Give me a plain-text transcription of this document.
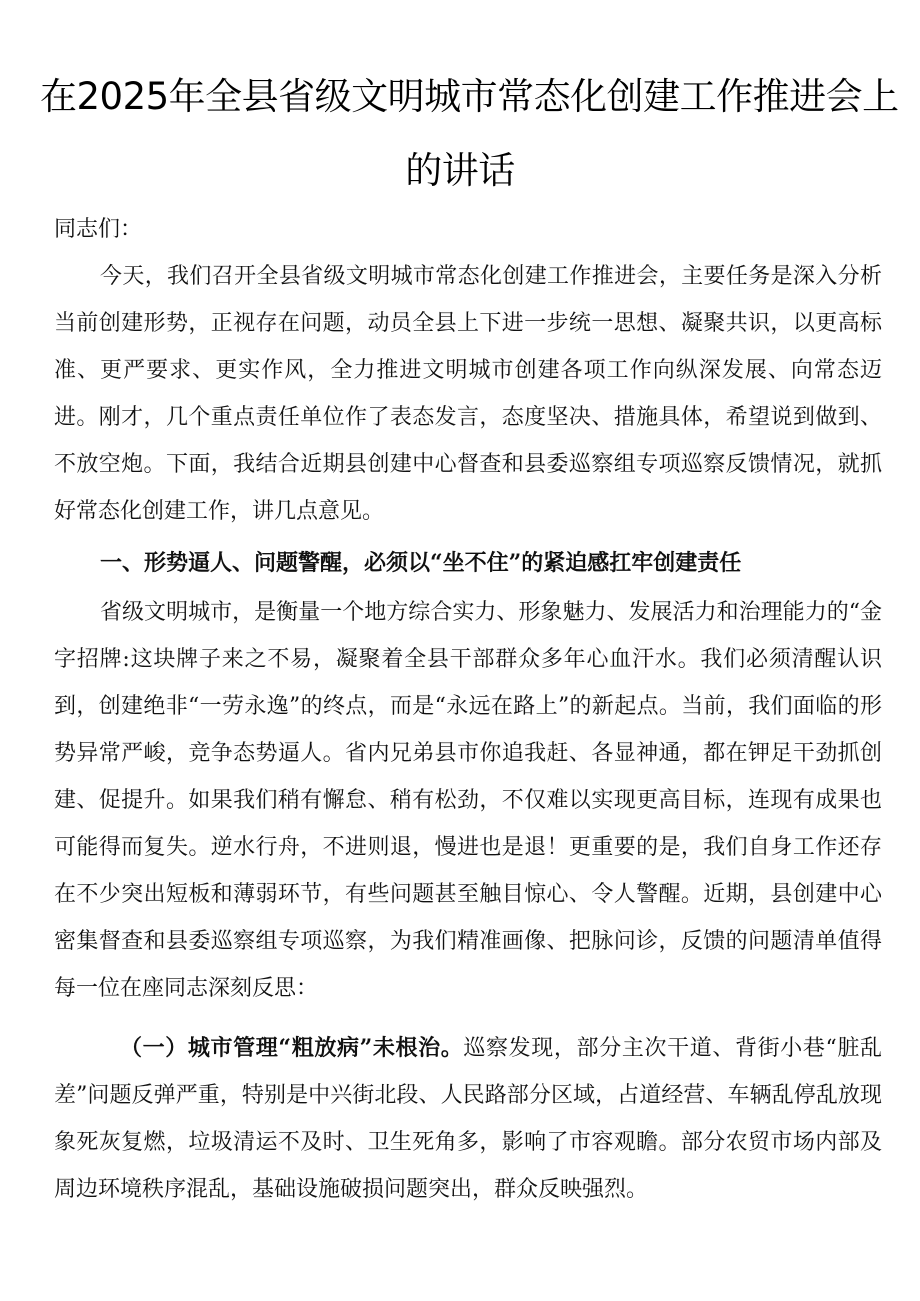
在2025年全县省级文明城市常态化创建工作推进会上
的讲话

同志们：

今天，我们召开全县省级文明城市常态化创建工作推进会，主要任务是深入分析当前创建形势，正视存在问题，动员全县上下进一步统一思想、凝聚共识，以更高标准、更严要求、更实作风，全力推进文明城市创建各项工作向纵深发展、向常态迈进。刚才，几个重点责任单位作了表态发言，态度坚决、措施具体，希望说到做到、不放空炮。下面，我结合近期县创建中心督查和县委巡察组专项巡察反馈情况，就抓好常态化创建工作，讲几点意见。

一、形势逼人、问题警醒，必须以“坐不住”的紧迫感扛牢创建责任

省级文明城市，是衡量一个地方综合实力、形象魅力、发展活力和治理能力的“金字招牌:这块牌子来之不易，凝聚着全县干部群众多年心血汗水。我们必须清醒认识到，创建绝非“一劳永逸”的终点，而是“永远在路上”的新起点。当前，我们面临的形势异常严峻，竞争态势逼人。省内兄弟县市你追我赶、各显神通，都在钾足干劲抓创建、促提升。如果我们稍有懈怠、稍有松劲，不仅难以实现更高目标，连现有成果也可能得而复失。逆水行舟，不进则退，慢进也是退！更重要的是，我们自身工作还存在不少突出短板和薄弱环节，有些问题甚至触目惊心、令人警醒。近期，县创建中心密集督查和县委巡察组专项巡察，为我们精准画像、把脉问诊，反馈的问题清单值得每一位在座同志深刻反思：

（一）城市管理“粗放病”未根治。巡察发现，部分主次干道、背街小巷“脏乱差”问题反弹严重，特别是中兴街北段、人民路部分区域，占道经营、车辆乱停乱放现象死灰复燃，垃圾清运不及时、卫生死角多，影响了市容观瞻。部分农贸市场内部及周边环境秩序混乱，基础设施破损问题突出，群众反映强烈。
